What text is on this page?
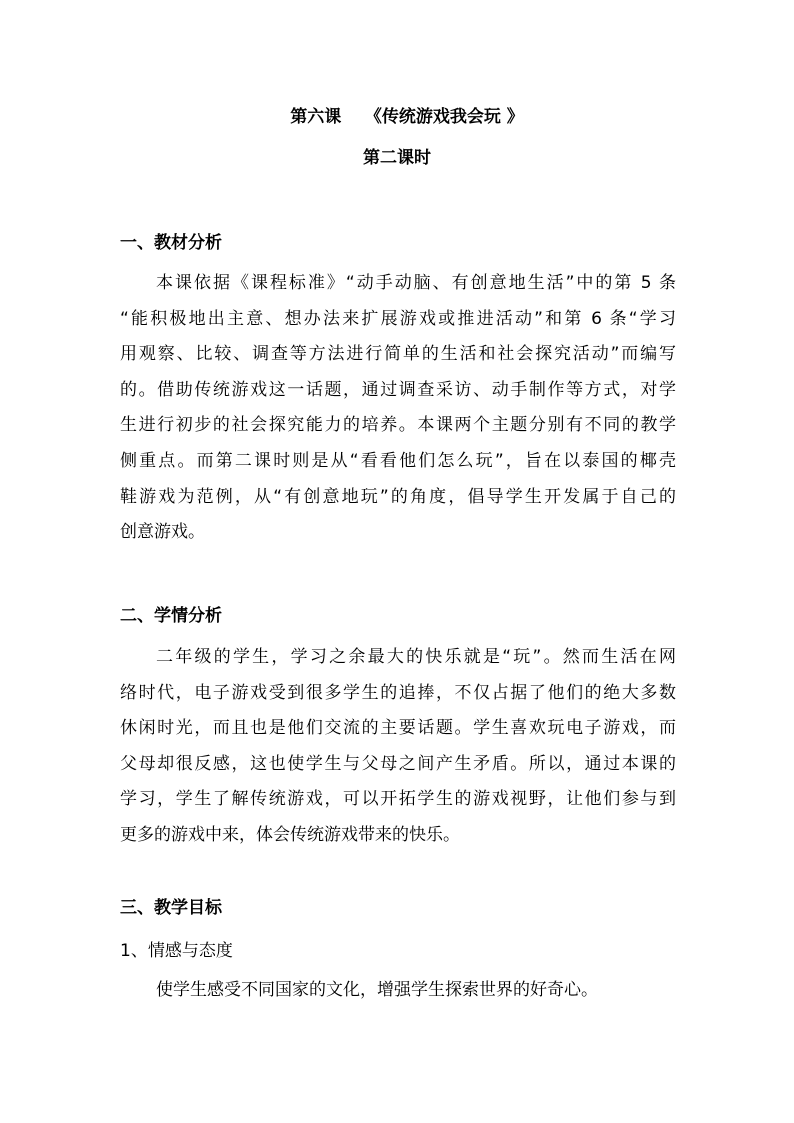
第六课    《传统游戏我会玩 》
第二课时
一、教材分析
本课依据《课程标准》“动手动脑、有创意地生活”中的第 5 条
“能积极地出主意、想办法来扩展游戏或推进活动”和第 6 条“学习
用观察、比较、调查等方法进行简单的生活和社会探究活动”而编写
的。借助传统游戏这一话题，通过调查采访、动手制作等方式，对学
生进行初步的社会探究能力的培养。本课两个主题分别有不同的教学
侧重点。而第二课时则是从“看看他们怎么玩”，旨在以泰国的椰壳
鞋游戏为范例，从“有创意地玩”的角度，倡导学生开发属于自己的
创意游戏。
二、学情分析
二年级的学生，学习之余最大的快乐就是“玩”。然而生活在网
络时代，电子游戏受到很多学生的追捧，不仅占据了他们的绝大多数
休闲时光，而且也是他们交流的主要话题。学生喜欢玩电子游戏，而
父母却很反感，这也使学生与父母之间产生矛盾。所以，通过本课的
学习，学生了解传统游戏，可以开拓学生的游戏视野，让他们参与到
更多的游戏中来，体会传统游戏带来的快乐。
三、教学目标
1、情感与态度
使学生感受不同国家的文化，增强学生探索世界的好奇心。
